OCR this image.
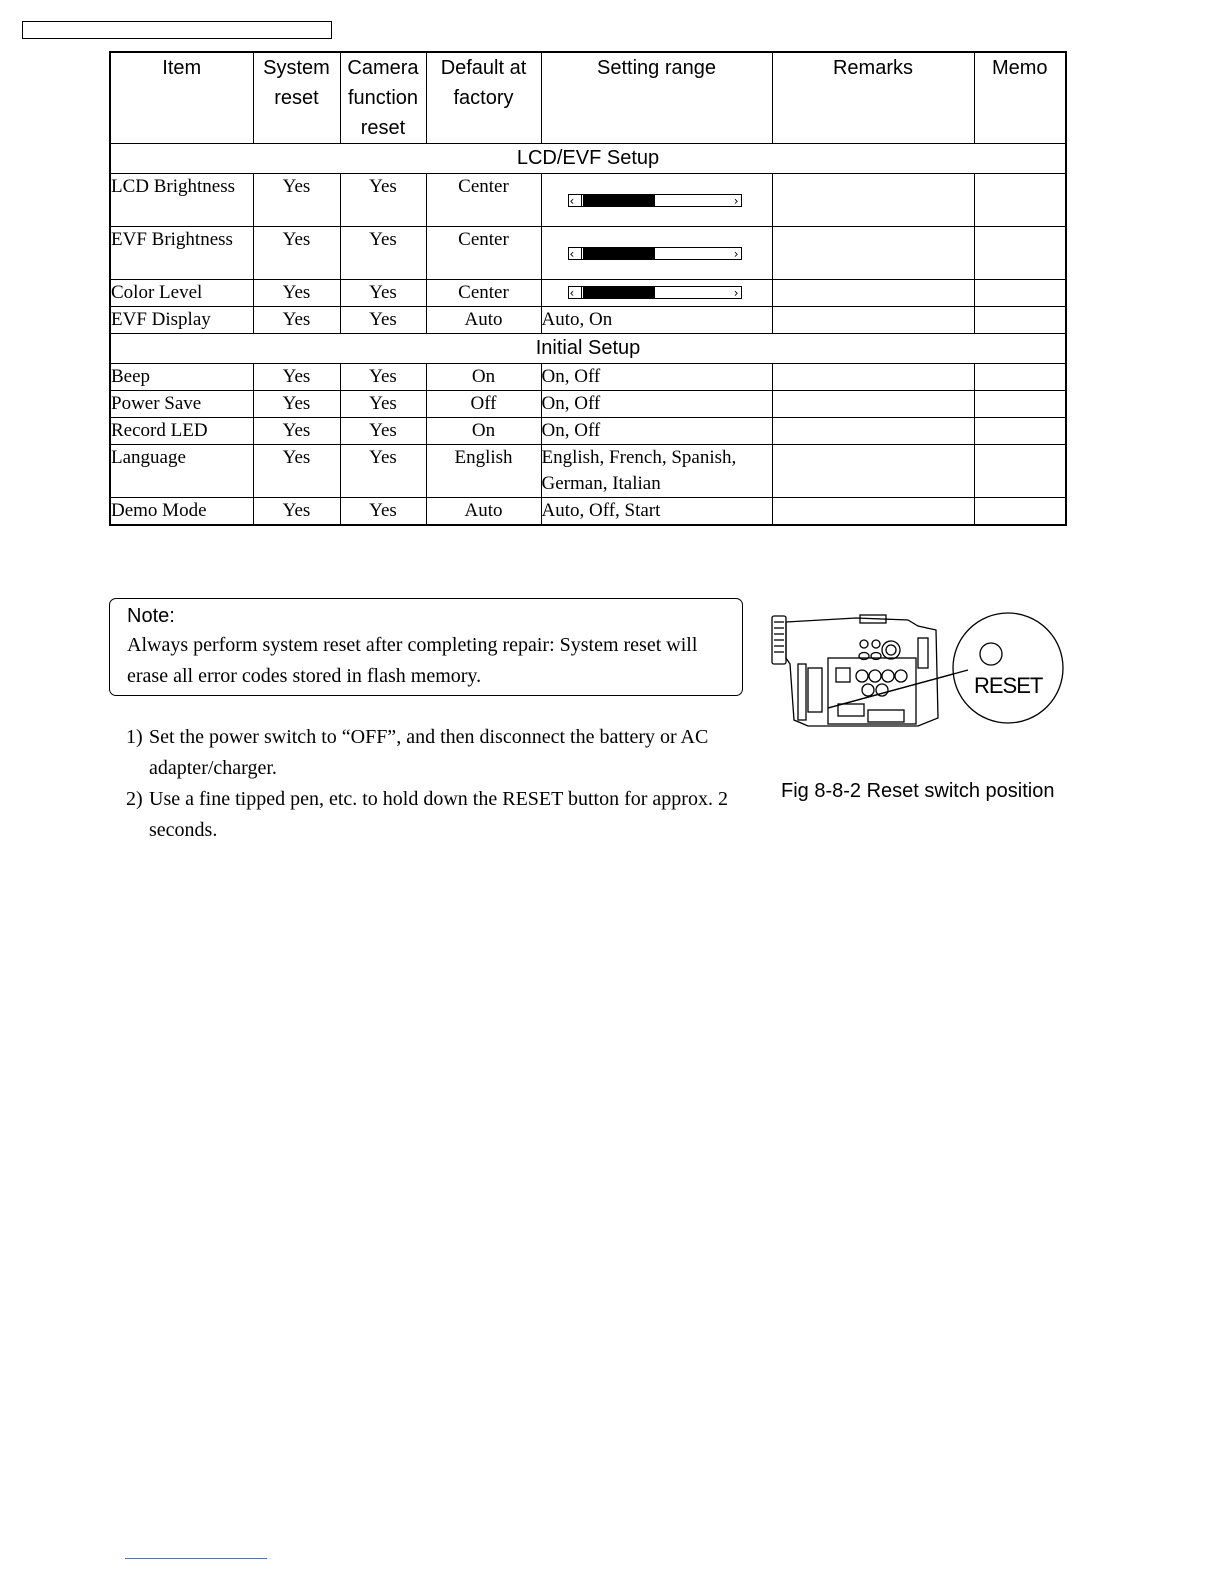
Item	System reset	Camera function reset	Default at factory	Setting range	Remarks	Memo
LCD/EVF Setup						
LCD Brightness	Yes	Yes	Center	‹ ›		

EVF Brightness	Yes	Yes	Center	‹ ›		

Color Level	Yes	Yes	Center	‹ ›		

EVF Display	Yes	Yes	Auto	Auto, On		
Initial Setup						
Beep	Yes	Yes	On	On, Off		
Power Save	Yes	Yes	Off	On, Off		
Record LED	Yes	Yes	On	On, Off		
Language	Yes	Yes	English	English, French, Spanish, German, Italian		
Demo Mode	Yes	Yes	Auto	Auto, Off, Start		
Note:
Always perform system reset after completing repair: System reset will erase all error codes stored in flash memory.
1) Set the power switch to “OFF”, and then disconnect the battery or AC adapter/charger.
2) Use a fine tipped pen, etc. to hold down the RESET button for approx. 2 seconds.
RESET
Fig 8-8-2 Reset switch position
